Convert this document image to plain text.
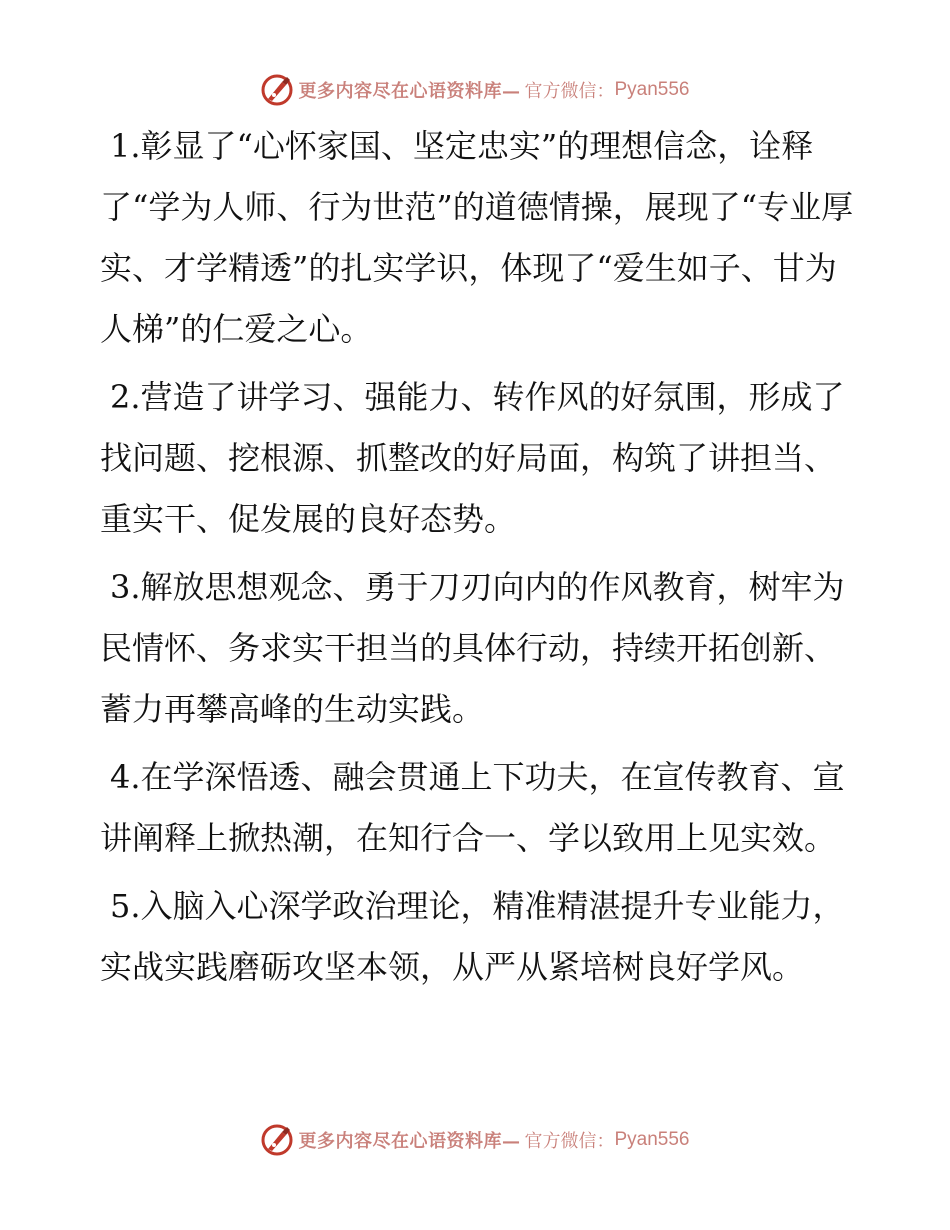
更多内容尽在心语资料库— 官方微信： Pyan556

1.彰显了“心怀家国、坚定忠实”的理想信念，诠释了“学为人师、行为世范”的道德情操，展现了“专业厚实、才学精透”的扎实学识，体现了“爱生如子、甘为人梯”的仁爱之心。

2.营造了讲学习、强能力、转作风的好氛围，形成了找问题、挖根源、抓整改的好局面，构筑了讲担当、重实干、促发展的良好态势。

3.解放思想观念、勇于刀刃向内的作风教育，树牢为民情怀、务求实干担当的具体行动，持续开拓创新、蓄力再攀高峰的生动实践。

4.在学深悟透、融会贯通上下功夫，在宣传教育、宣讲阐释上掀热潮，在知行合一、学以致用上见实效。

5.入脑入心深学政治理论，精准精湛提升专业能力，实战实践磨砺攻坚本领，从严从紧培树良好学风。

更多内容尽在心语资料库— 官方微信： Pyan556
